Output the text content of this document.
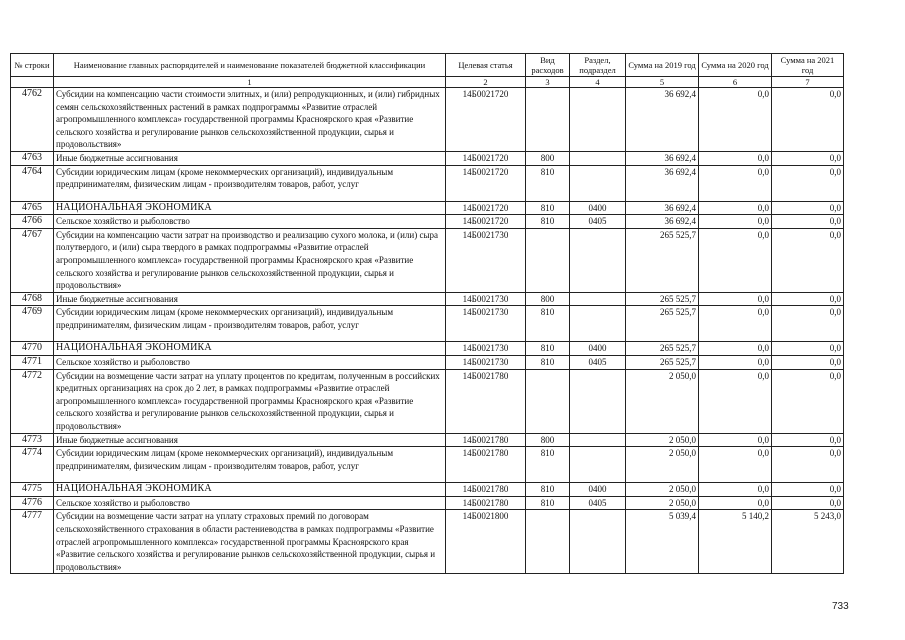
№ строки	Наименование главных распорядителей и наименование показателей бюджетной классификации	Целевая статья	Вид расходов	Раздел, подраздел	Сумма на 2019 год	Сумма на 2020 год	Сумма на 2021 год
	1	2	3	4	5	6	7
4762	Субсидии на компенсацию части стоимости элитных, и (или) репродукционных, и (или) гибридных семян сельскохозяйственных растений в рамках подпрограммы «Развитие отраслей агропромышленного комплекса» государственной программы Красноярского края «Развитие сельского хозяйства и регулирование рынков сельскохозяйственной продукции, сырья и продовольствия»	14Б0021720			36 692,4	0,0	0,0
4763	Иные бюджетные ассигнования	14Б0021720	800		36 692,4	0,0	0,0
4764	Субсидии юридическим лицам (кроме некоммерческих организаций), индивидуальным предпринимателям, физическим лицам - производителям товаров, работ, услуг	14Б0021720	810		36 692,4	0,0	0,0
4765	НАЦИОНАЛЬНАЯ ЭКОНОМИКА	14Б0021720	810	0400	36 692,4	0,0	0,0
4766	Сельское хозяйство и рыболовство	14Б0021720	810	0405	36 692,4	0,0	0,0
4767	Субсидии на компенсацию части затрат на производство и реализацию сухого молока, и (или) сыра полутвердого, и (или) сыра твердого в рамках подпрограммы «Развитие отраслей агропромышленного комплекса» государственной программы Красноярского края «Развитие сельского хозяйства и регулирование рынков сельскохозяйственной продукции, сырья и продовольствия»	14Б0021730			265 525,7	0,0	0,0
4768	Иные бюджетные ассигнования	14Б0021730	800		265 525,7	0,0	0,0
4769	Субсидии юридическим лицам (кроме некоммерческих организаций), индивидуальным предпринимателям, физическим лицам - производителям товаров, работ, услуг	14Б0021730	810		265 525,7	0,0	0,0
4770	НАЦИОНАЛЬНАЯ ЭКОНОМИКА	14Б0021730	810	0400	265 525,7	0,0	0,0
4771	Сельское хозяйство и рыболовство	14Б0021730	810	0405	265 525,7	0,0	0,0
4772	Субсидии на возмещение части затрат на уплату процентов по кредитам, полученным в российских кредитных организациях на срок до 2 лет, в рамках подпрограммы «Развитие отраслей агропромышленного комплекса» государственной программы Красноярского края «Развитие сельского хозяйства и регулирование рынков сельскохозяйственной продукции, сырья и продовольствия»	14Б0021780			2 050,0	0,0	0,0
4773	Иные бюджетные ассигнования	14Б0021780	800		2 050,0	0,0	0,0
4774	Субсидии юридическим лицам (кроме некоммерческих организаций), индивидуальным предпринимателям, физическим лицам - производителям товаров, работ, услуг	14Б0021780	810		2 050,0	0,0	0,0
4775	НАЦИОНАЛЬНАЯ ЭКОНОМИКА	14Б0021780	810	0400	2 050,0	0,0	0,0
4776	Сельское хозяйство и рыболовство	14Б0021780	810	0405	2 050,0	0,0	0,0
4777	Субсидии на возмещение части затрат на уплату страховых премий по договорам сельскохозяйственного страхования в области растениеводства в рамках подпрограммы «Развитие отраслей агропромышленного комплекса» государственной программы Красноярского края «Развитие сельского хозяйства и регулирование рынков сельскохозяйственной продукции, сырья и продовольствия»	14Б0021800			5 039,4	5 140,2	5 243,0
733
